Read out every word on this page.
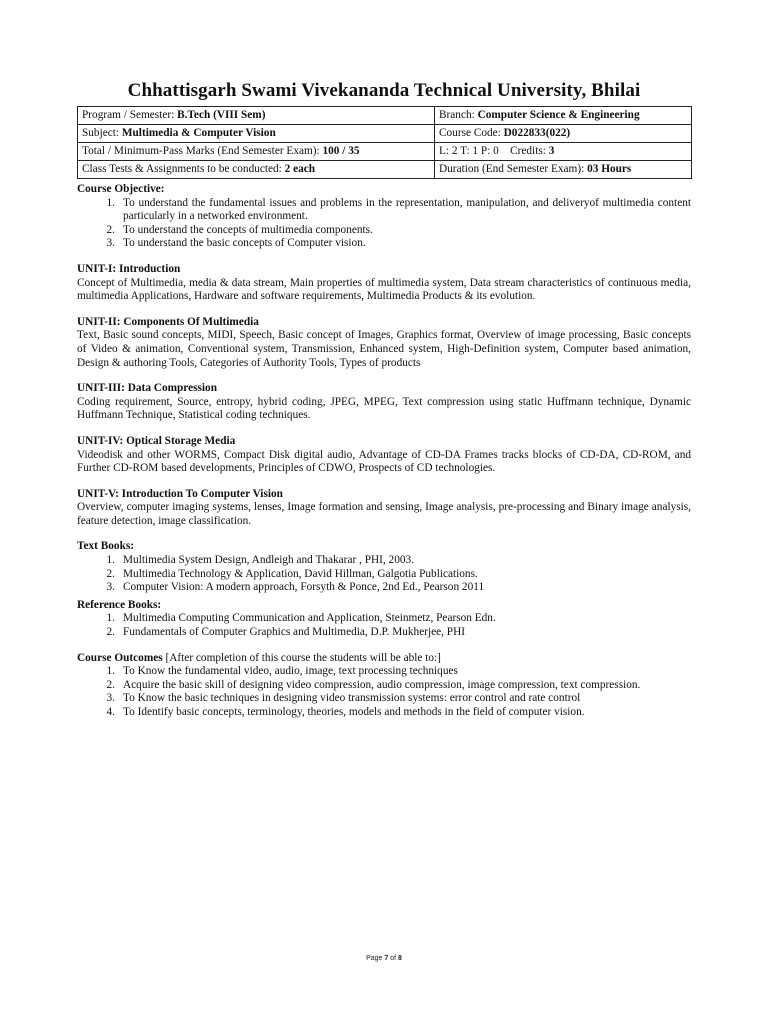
Chhattisgarh Swami Vivekananda Technical University, Bhilai
Program / Semester: B.Tech (VIII Sem)	Branch: Computer Science & Engineering
Subject: Multimedia & Computer Vision	Course Code: D022833(022)
Total / Minimum-Pass Marks (End Semester Exam): 100 / 35	L: 2 T: 1 P: 0    Credits: 3
Class Tests & Assignments to be conducted: 2 each	Duration (End Semester Exam): 03 Hours

Course Objective:

1. To understand the fundamental issues and problems in the representation, manipulation, and deliveryof multimedia content particularly in a networked environment.
2. To understand the concepts of multimedia components.
3. To understand the basic concepts of Computer vision.

UNIT-I: Introduction

Concept of Multimedia, media & data stream, Main properties of multimedia system, Data stream characteristics of continuous media, multimedia Applications, Hardware and software requirements, Multimedia Products & its evolution.

UNIT-II: Components Of Multimedia

Text, Basic sound concepts, MIDI, Speech, Basic concept of Images, Graphics format, Overview of image processing, Basic concepts of Video & animation, Conventional system, Transmission, Enhanced system, High-Definition system, Computer based animation, Design & authoring Tools, Categories of Authority Tools, Types of products

UNIT-III: Data Compression

Coding requirement, Source, entropy, hybrid coding, JPEG, MPEG, Text compression using static Huffmann technique, Dynamic Huffmann Technique, Statistical coding techniques.

UNIT-IV: Optical Storage Media

Videodisk and other WORMS, Compact Disk digital audio, Advantage of CD-DA Frames tracks blocks of CD-DA, CD-ROM, and Further CD-ROM based developments, Principles of CDWO, Prospects of CD technologies.

UNIT-V: Introduction To Computer Vision

Overview, computer imaging systems, lenses, Image formation and sensing, Image analysis, pre-processing and Binary image analysis, feature detection, image classification.

Text Books:

1. Multimedia System Design, Andleigh and Thakarar , PHI, 2003.
2. Multimedia Technology & Application, David Hillman, Galgotia Publications.
3. Computer Vision: A modern approach, Forsyth & Ponce, 2nd Ed., Pearson 2011

Reference Books:

1. Multimedia Computing Communication and Application, Steinmetz, Pearson Edn.
2. Fundamentals of Computer Graphics and Multimedia, D.P. Mukherjee, PHI

Course Outcomes [After completion of this course the students will be able to:]

1. To Know the fundamental video, audio, image, text processing techniques
2. Acquire the basic skill of designing video compression, audio compression, image compression, text compression.
3. To Know the basic techniques in designing video transmission systems: error control and rate control
4. To Identify basic concepts, terminology, theories, models and methods in the field of computer vision.
Page 7 of 8
